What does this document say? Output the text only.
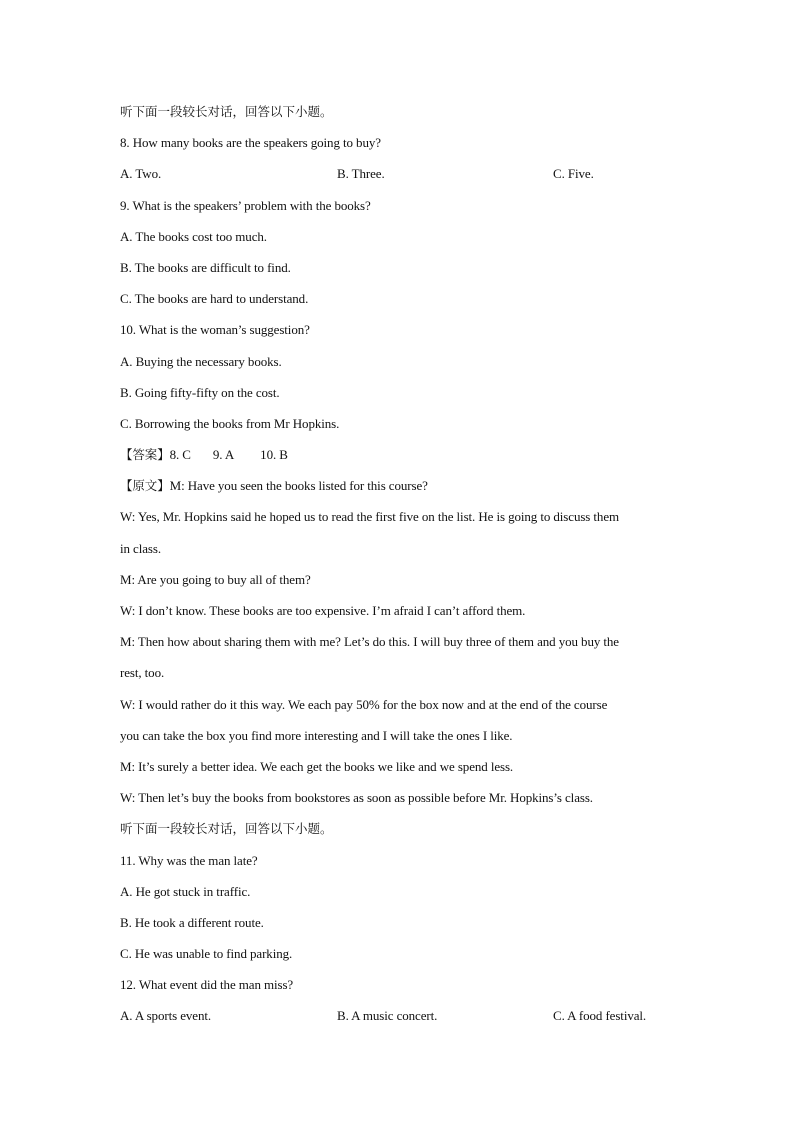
听下面一段较长对话，回答以下小题。
8. How many books are the speakers going to buy?
A. Two.	B. Three.	C. Five.
9. What is the speakers’ problem with the books?
A. The books cost too much.
B. The books are difficult to find.
C. The books are hard to understand.
10. What is the woman’s suggestion?
A. Buying the necessary books.
B. Going fifty-fifty on the cost.
C. Borrowing the books from Mr Hopkins.
【答案】8. C 9. A 10. B
【原文】M: Have you seen the books listed for this course?
W: Yes, Mr. Hopkins said he hoped us to read the first five on the list. He is going to discuss them
in class.
M: Are you going to buy all of them?
W: I don’t know. These books are too expensive. I’m afraid I can’t afford them.
M: Then how about sharing them with me? Let’s do this. I will buy three of them and you buy the
rest, too.
W: I would rather do it this way. We each pay 50% for the box now and at the end of the course
you can take the box you find more interesting and I will take the ones I like.
M: It’s surely a better idea. We each get the books we like and we spend less.
W: Then let’s buy the books from bookstores as soon as possible before Mr. Hopkins’s class.
听下面一段较长对话，回答以下小题。
11. Why was the man late?
A. He got stuck in traffic.
B. He took a different route.
C. He was unable to find parking.
12. What event did the man miss?
A. A sports event.	B. A music concert.	C. A food festival.
